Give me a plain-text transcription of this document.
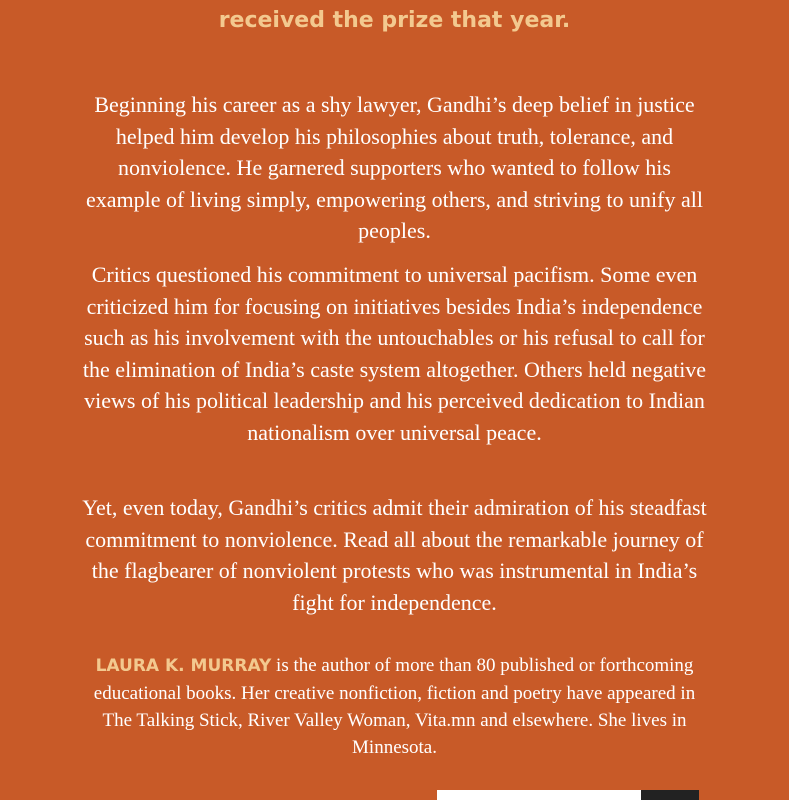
received the prize that year.

Beginning his career as a shy lawyer, Gandhi’s deep belief in justice helped him develop his philosophies about truth, tolerance, and nonviolence. He garnered supporters who wanted to follow his example of living simply, empowering others, and striving to unify all peoples.

Critics questioned his commitment to universal pacifism. Some even criticized him for focusing on initiatives besides India’s independence such as his involvement with the untouchables or his refusal to call for the elimination of India’s caste system altogether. Others held negative views of his political leadership and his perceived dedication to Indian nationalism over universal peace.

Yet, even today, Gandhi’s critics admit their admiration of his steadfast commitment to nonviolence. Read all about the remarkable journey of the flagbearer of nonviolent protests who was instrumental in India’s fight for independence.

LAURA K. MURRAY is the author of more than 80 published or forthcoming educational books. Her creative nonfiction, fiction and poetry have appeared in The Talking Stick, River Valley Woman, Vita.mn and elsewhere. She lives in Minnesota.
